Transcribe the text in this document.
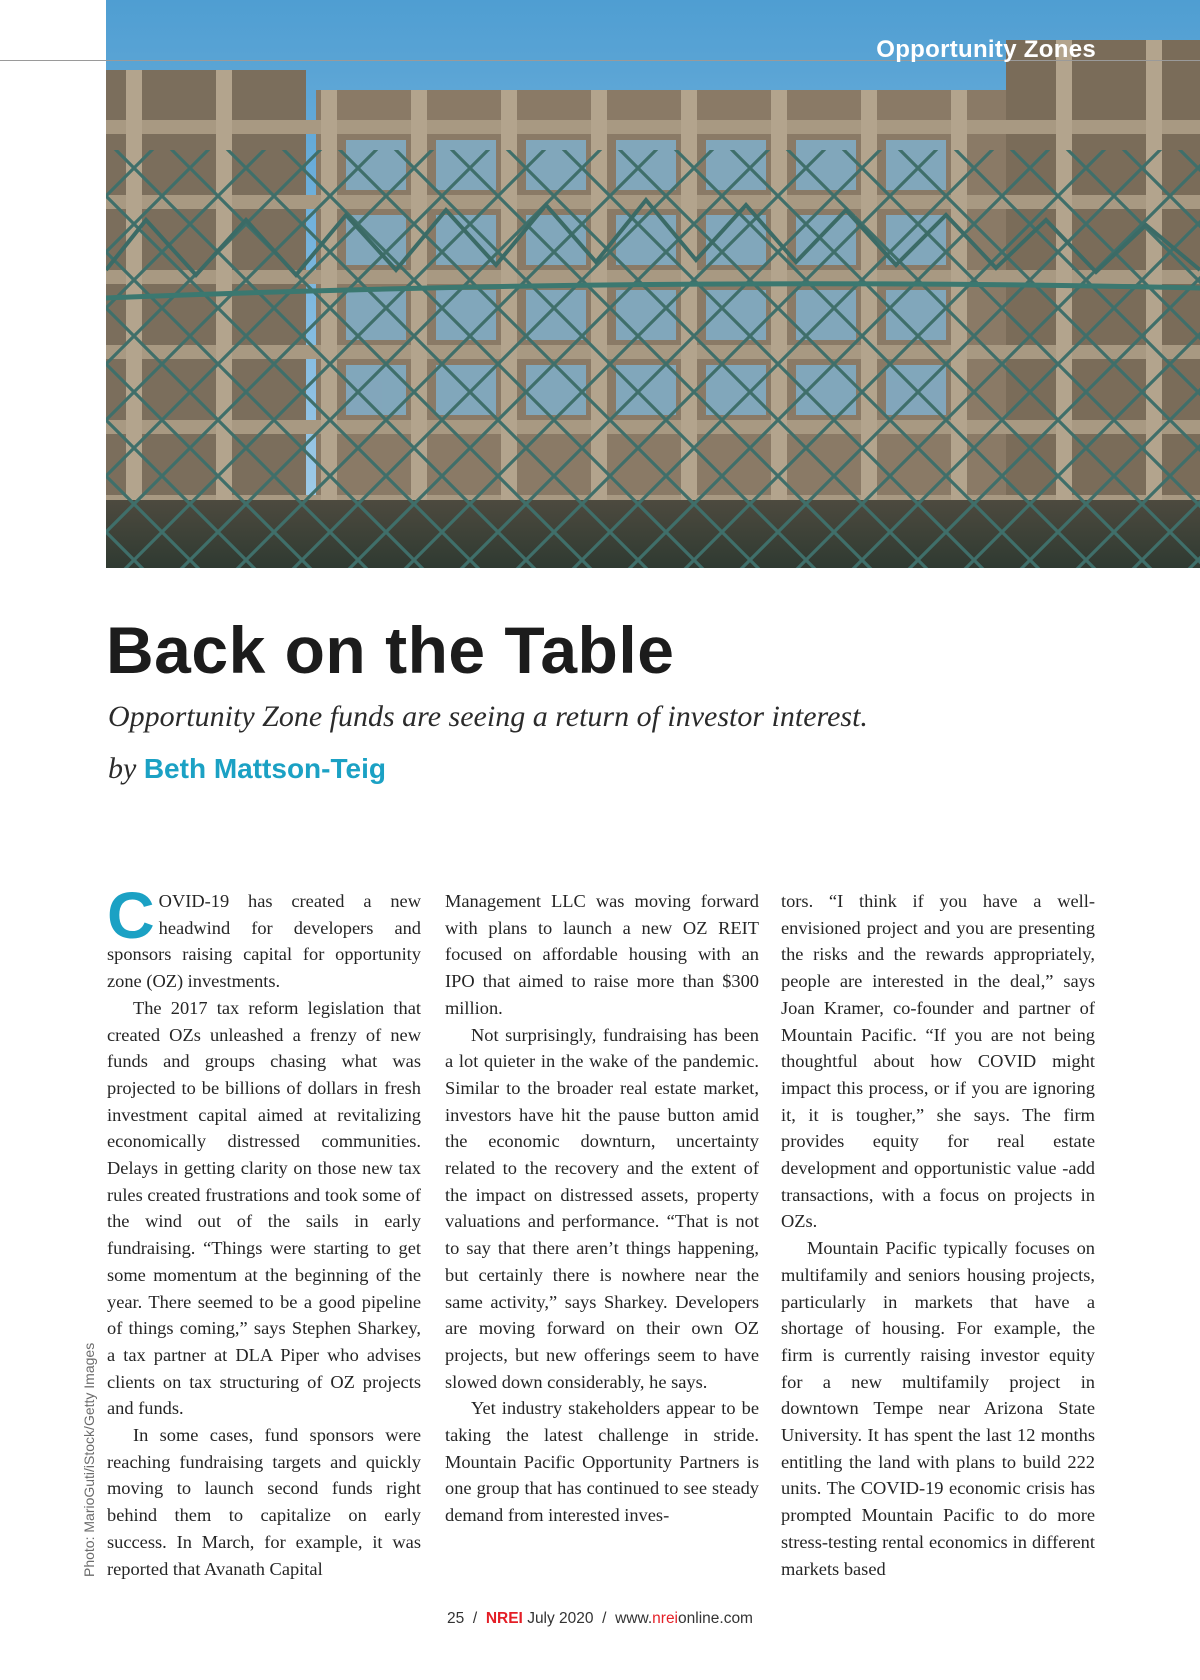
Opportunity Zones
Photo: MarioGuti/iStock/Getty Images
Back on the Table

Opportunity Zone funds are seeing a return of investor interest.

by Beth Mattson-Teig

COVID-19 has created a new headwind for developers and sponsors raising capital for opportunity zone (OZ) investments.

The 2017 tax reform legislation that created OZs unleashed a frenzy of new funds and groups chasing what was projected to be billions of dollars in fresh investment capital aimed at revitalizing economically distressed communities. Delays in getting clarity on those new tax rules created frustrations and took some of the wind out of the sails in early fundraising. “Things were starting to get some momentum at the beginning of the year. There seemed to be a good pipeline of things coming,” says Stephen Sharkey, a tax partner at DLA Piper who advises clients on tax structuring of OZ projects and funds.

In some cases, fund sponsors were reaching fundraising targets and quickly moving to launch second funds right behind them to capitalize on early success. In March, for example, it was reported that Avanath Capital

Management LLC was moving forward with plans to launch a new OZ REIT focused on affordable housing with an IPO that aimed to raise more than $300 million.

Not surprisingly, fundraising has been a lot quieter in the wake of the pandemic. Similar to the broader real estate market, investors have hit the pause button amid the economic downturn, uncertainty related to the recovery and the extent of the impact on distressed assets, property valuations and performance. “That is not to say that there aren’t things happening, but certainly there is nowhere near the same activity,” says Sharkey. Developers are moving forward on their own OZ projects, but new offerings seem to have slowed down considerably, he says.

Yet industry stakeholders appear to be taking the latest challenge in stride. Mountain Pacific Opportunity Partners is one group that has continued to see steady demand from interested inves-

tors. “I think if you have a well-envisioned project and you are presenting the risks and the rewards appropriately, people are interested in the deal,” says Joan Kramer, co-founder and partner of Mountain Pacific. “If you are not being thoughtful about how COVID might impact this process, or if you are ignoring it, it is tougher,” she says. The firm provides equity for real estate development and opportunistic value -add transactions, with a focus on projects in OZs.

Mountain Pacific typically focuses on multifamily and seniors housing projects, particularly in markets that have a shortage of housing. For example, the firm is currently raising investor equity for a new multifamily project in downtown Tempe near Arizona State University. It has spent the last 12 months entitling the land with plans to build 222 units. The COVID-19 economic crisis has prompted Mountain Pacific to do more stress-testing rental economics in different markets based

25 / NREI July 2020 / www.nreionline.com
